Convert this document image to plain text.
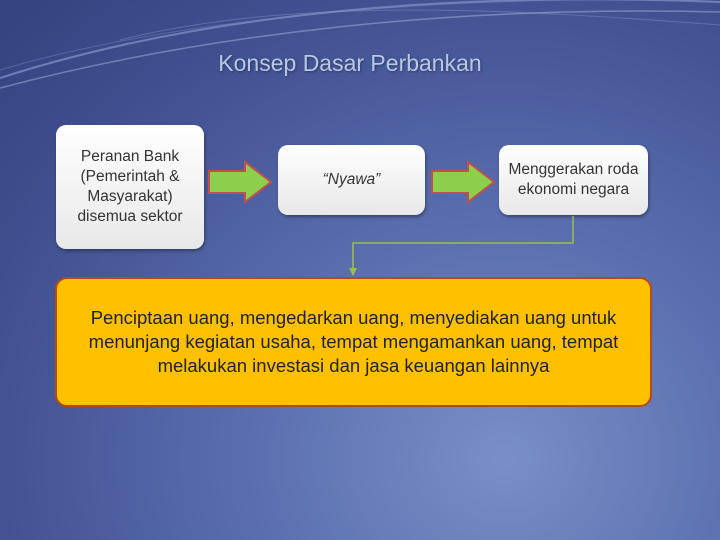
Konsep Dasar Perbankan
Peranan Bank (Pemerintah & Masyarakat) disemua sektor
“Nyawa”
Menggerakan roda ekonomi negara
Penciptaan uang, mengedarkan uang, menyediakan uang untuk menunjang kegiatan usaha, tempat mengamankan uang, tempat melakukan investasi dan jasa keuangan lainnya
